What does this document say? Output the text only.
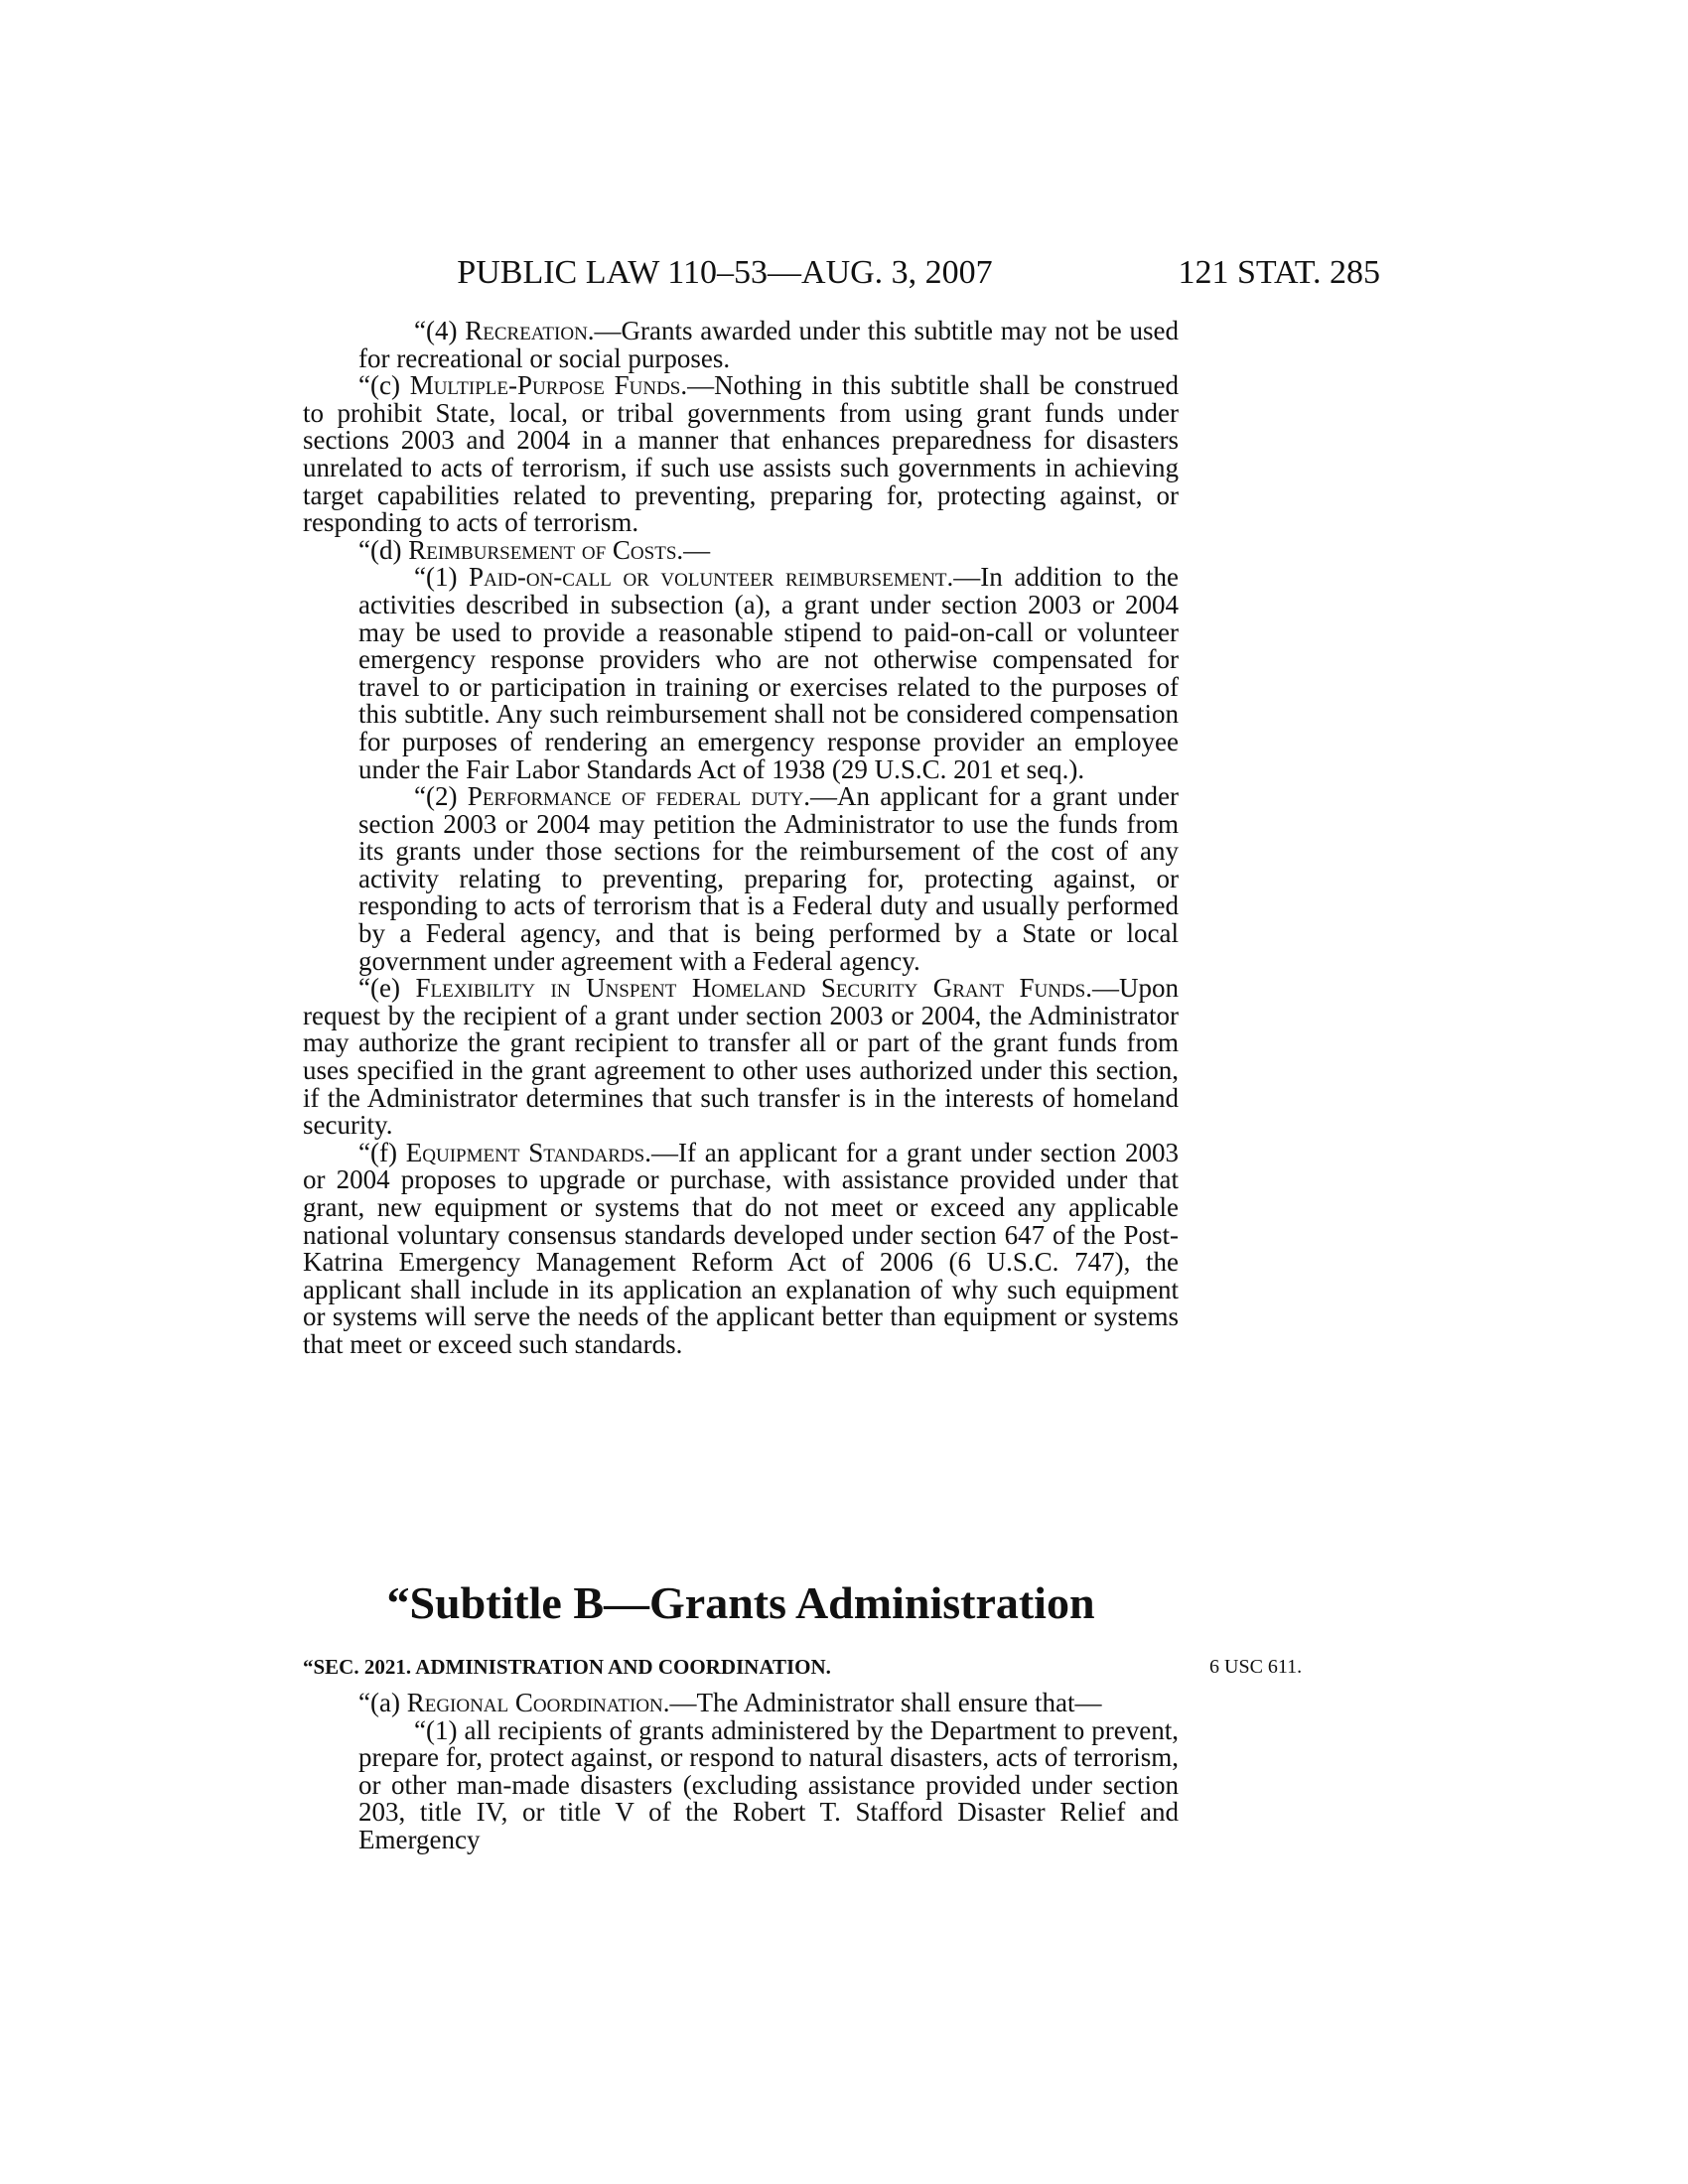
PUBLIC LAW 110–53—AUG. 3, 2007	121 STAT. 285

“(4) Recreation.—Grants awarded under this subtitle may not be used for recreational or social purposes.

“(c) Multiple-Purpose Funds.—Nothing in this subtitle shall be construed to prohibit State, local, or tribal governments from using grant funds under sections 2003 and 2004 in a manner that enhances preparedness for disasters unrelated to acts of terrorism, if such use assists such governments in achieving target capabilities related to preventing, preparing for, protecting against, or responding to acts of terrorism.

“(d) Reimbursement of Costs.—

“(1) Paid-on-call or volunteer reimbursement.—In addition to the activities described in subsection (a), a grant under section 2003 or 2004 may be used to provide a reasonable stipend to paid-on-call or volunteer emergency response providers who are not otherwise compensated for travel to or participation in training or exercises related to the purposes of this subtitle. Any such reimbursement shall not be considered compensation for purposes of rendering an emergency response provider an employee under the Fair Labor Standards Act of 1938 (29 U.S.C. 201 et seq.).

“(2) Performance of federal duty.—An applicant for a grant under section 2003 or 2004 may petition the Administrator to use the funds from its grants under those sections for the reimbursement of the cost of any activity relating to preventing, preparing for, protecting against, or responding to acts of terrorism that is a Federal duty and usually performed by a Federal agency, and that is being performed by a State or local government under agreement with a Federal agency.

“(e) Flexibility in Unspent Homeland Security Grant Funds.—Upon request by the recipient of a grant under section 2003 or 2004, the Administrator may authorize the grant recipient to transfer all or part of the grant funds from uses specified in the grant agreement to other uses authorized under this section, if the Administrator determines that such transfer is in the interests of homeland security.

“(f) Equipment Standards.—If an applicant for a grant under section 2003 or 2004 proposes to upgrade or purchase, with assistance provided under that grant, new equipment or systems that do not meet or exceed any applicable national voluntary consensus standards developed under section 647 of the Post-Katrina Emergency Management Reform Act of 2006 (6 U.S.C. 747), the applicant shall include in its application an explanation of why such equipment or systems will serve the needs of the applicant better than equipment or systems that meet or exceed such standards.

“Subtitle B—Grants Administration
“SEC. 2021. ADMINISTRATION AND COORDINATION.	6 USC 611.

“(a) Regional Coordination.—The Administrator shall ensure that—

“(1) all recipients of grants administered by the Department to prevent, prepare for, protect against, or respond to natural disasters, acts of terrorism, or other man-made disasters (excluding assistance provided under section 203, title IV, or title V of the Robert T. Stafford Disaster Relief and Emergency
